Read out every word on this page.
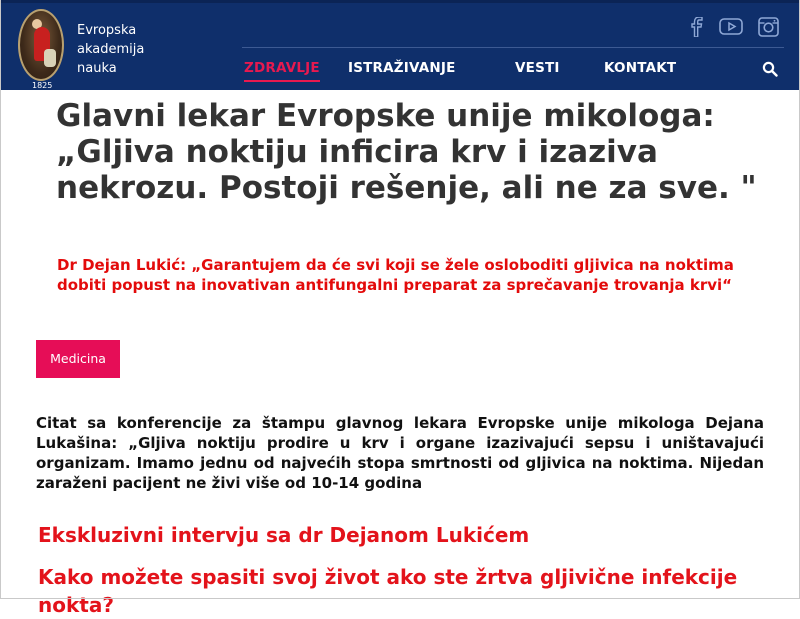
1825
Evropska
akademija
nauka	ZDRAVLJE ISTRAŽIVANJE	VESTI	KONTAKT
Glavni lekar Evropske unije mikologa: „Gljiva noktiju inficira krv i izaziva nekrozu. Postoji rešenje, ali ne za sve. "

Dr Dejan Lukić: „Garantujem da će svi koji se žele osloboditi gljivica na noktima dobiti popust na inovativan antifungalni preparat za sprečavanje trovanja krvi“

Medicina

Citat sa konferencije za štampu glavnog lekara Evropske unije mikologa Dejana Lukašina: „Gljiva noktiju prodire u krv i organe izazivajući sepsu i uništavajući organizam. Imamo jednu od najvećih stopa smrtnosti od gljivica na noktima. Nijedan zaraženi pacijent ne živi više od 10-14 godina

Ekskluzivni intervju sa dr Dejanom Lukićem
Kako možete spasiti svoj život ako ste žrtva gljivične infekcije nokta?
